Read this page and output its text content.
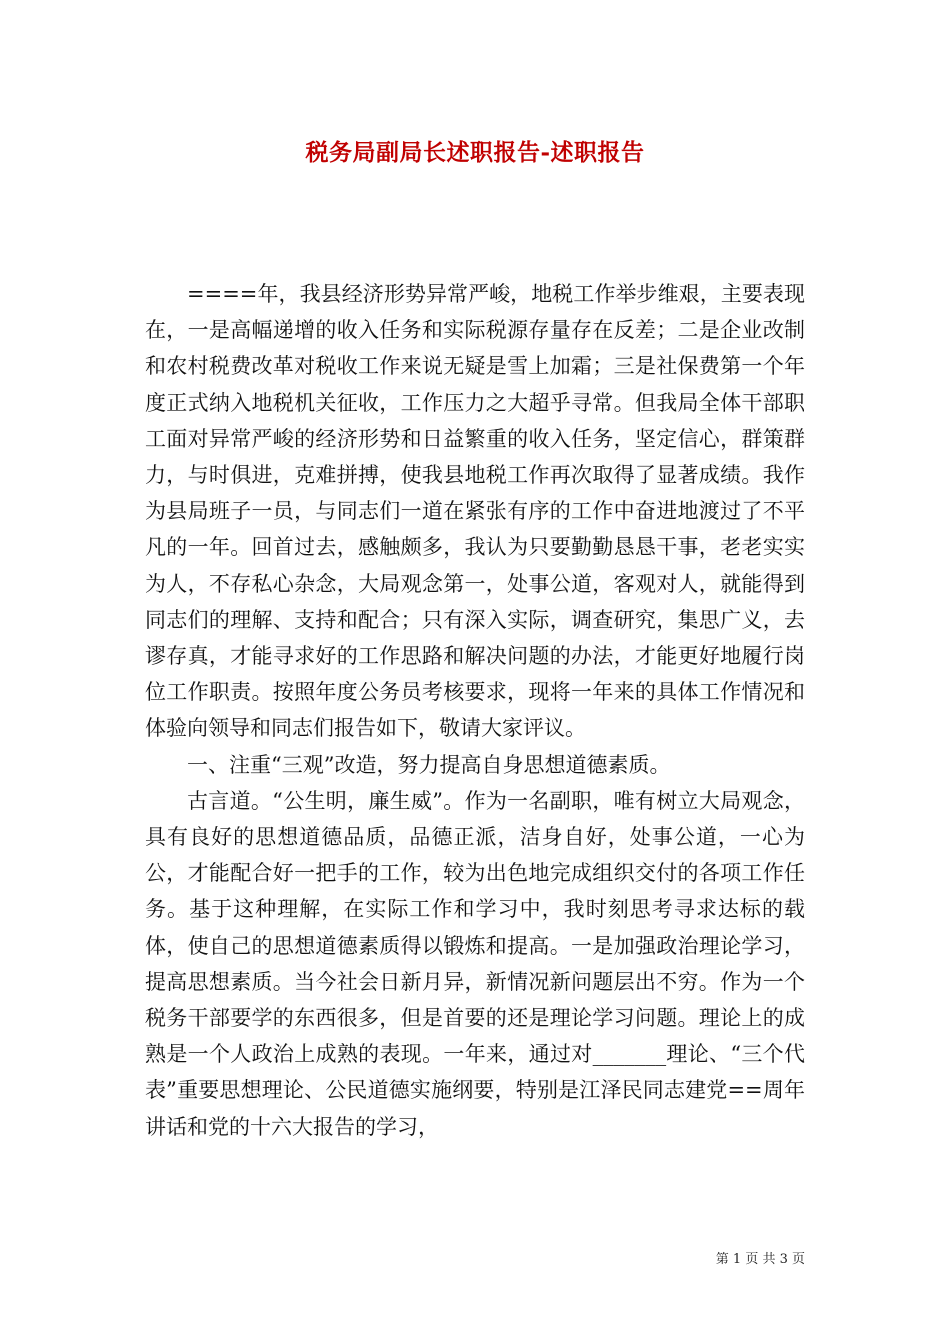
税务局副局长述职报告-述职报告

====年，我县经济形势异常严峻，地税工作举步维艰，主要表现在，一是高幅递增的收入任务和实际税源存量存在反差；二是企业改制和农村税费改革对税收工作来说无疑是雪上加霜；三是社保费第一个年度正式纳入地税机关征收，工作压力之大超乎寻常。但我局全体干部职工面对异常严峻的经济形势和日益繁重的收入任务，坚定信心，群策群力，与时俱进，克难拼搏，使我县地税工作再次取得了显著成绩。我作为县局班子一员，与同志们一道在紧张有序的工作中奋进地渡过了不平凡的一年。回首过去，感触颇多，我认为只要勤勤恳恳干事，老老实实为人，不存私心杂念，大局观念第一，处事公道，客观对人，就能得到同志们的理解、支持和配合；只有深入实际，调查研究，集思广义，去谬存真，才能寻求好的工作思路和解决问题的办法，才能更好地履行岗位工作职责。按照年度公务员考核要求，现将一年来的具体工作情况和体验向领导和同志们报告如下，敬请大家评议。

一、注重“三观”改造，努力提高自身思想道德素质。

古言道。“公生明，廉生威”。作为一名副职，唯有树立大局观念，具有良好的思想道德品质，品德正派，洁身自好，处事公道，一心为公，才能配合好一把手的工作，较为出色地完成组织交付的各项工作任务。基于这种理解，在实际工作和学习中，我时刻思考寻求达标的载体，使自己的思想道德素质得以锻炼和提高。一是加强政治理论学习，提高思想素质。当今社会日新月异，新情况新问题层出不穷。作为一个税务干部要学的东西很多，但是首要的还是理论学习问题。理论上的成熟是一个人政治上成熟的表现。一年来，通过对_______理论、“三个代表”重要思想理论、公民道德实施纲要，特别是江泽民同志建党==周年讲话和党的十六大报告的学习，

第 1 页 共 3 页
